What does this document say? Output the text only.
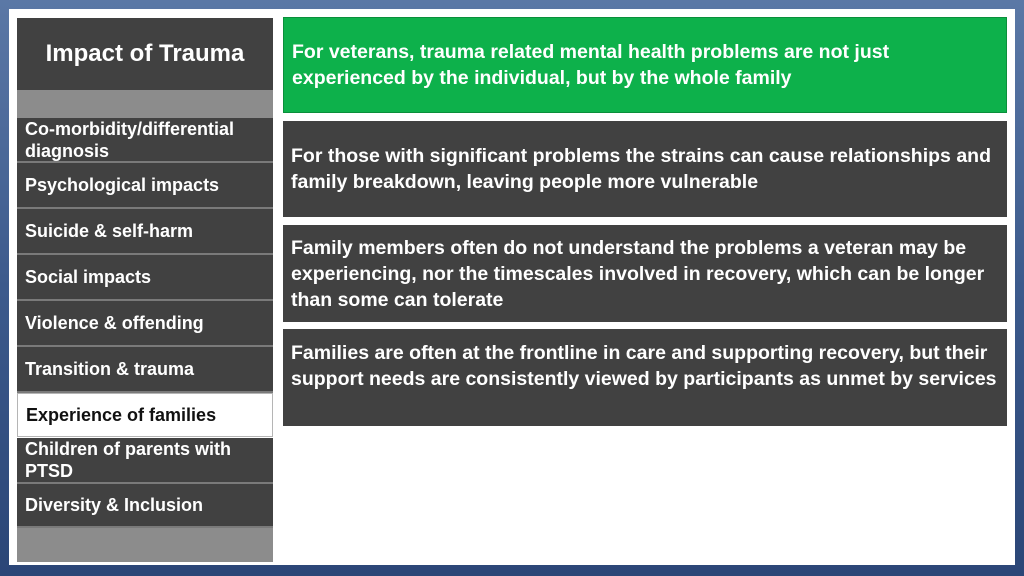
Impact of Trauma
Co-morbidity/differential diagnosis
Psychological impacts
Suicide & self-harm
Social impacts
Violence & offending
Transition & trauma
Experience of families
Children of parents with PTSD
Diversity & Inclusion
For veterans, trauma related mental health problems are not just experienced by the individual, but by the whole family
For those with significant problems the strains can cause relationships and family breakdown, leaving people more vulnerable
Family members often do not understand the problems a veteran may be experiencing, nor the timescales involved in recovery, which can be longer than some can tolerate
Families are often at the frontline in care and supporting recovery, but their support needs are consistently viewed by participants as unmet by services
